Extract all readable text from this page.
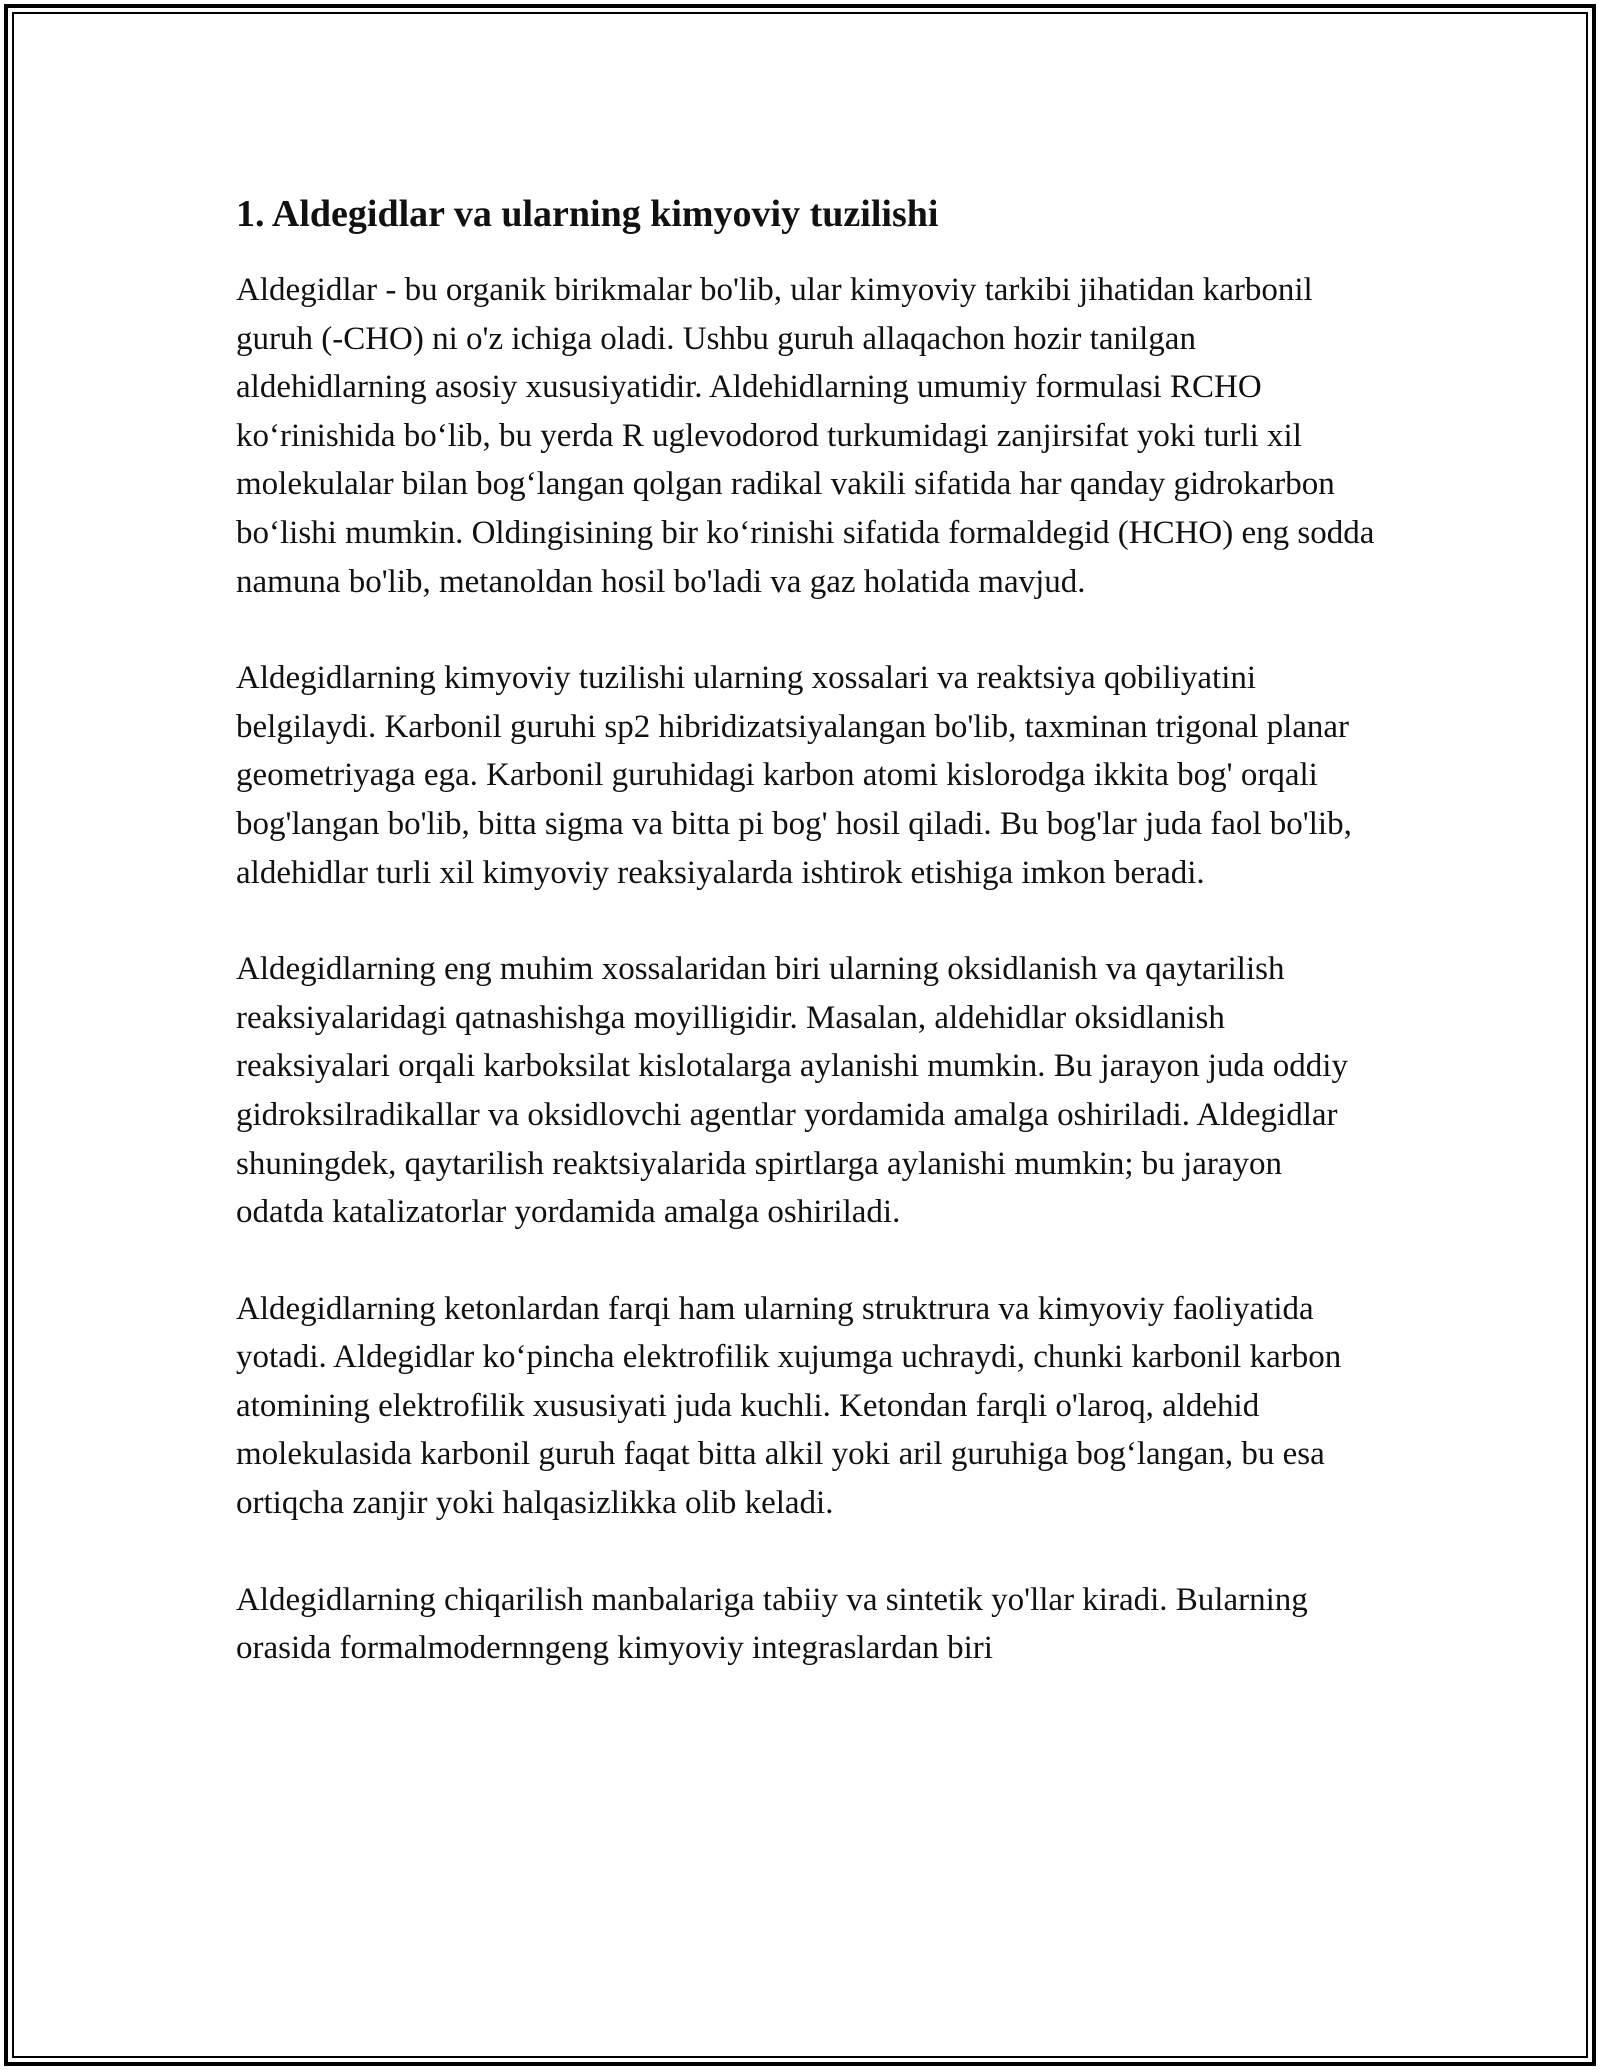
1. Aldegidlar va ularning kimyoviy tuzilishi

Aldegidlar - bu organik birikmalar bo'lib, ular kimyoviy tarkibi jihatidan karbonil guruh (-CHO) ni o'z ichiga oladi. Ushbu guruh allaqachon hozir tanilgan aldehidlarning asosiy xususiyatidir. Aldehidlarning umumiy formulasi RCHO koʻrinishida boʻlib, bu yerda R uglevodorod turkumidagi zanjirsifat yoki turli xil molekulalar bilan bogʻlangan qolgan radikal vakili sifatida har qanday gidrokarbon boʻlishi mumkin. Oldingisining bir koʻrinishi sifatida formaldegid (HCHO) eng sodda namuna bo'lib, metanoldan hosil bo'ladi va gaz holatida mavjud.

Aldegidlarning kimyoviy tuzilishi ularning xossalari va reaktsiya qobiliyatini belgilaydi. Karbonil guruhi sp2 hibridizatsiyalangan bo'lib, taxminan trigonal planar geometriyaga ega. Karbonil guruhidagi karbon atomi kislorodga ikkita bog' orqali bog'langan bo'lib, bitta sigma va bitta pi bog' hosil qiladi. Bu bog'lar juda faol bo'lib, aldehidlar turli xil kimyoviy reaksiyalarda ishtirok etishiga imkon beradi.

Aldegidlarning eng muhim xossalaridan biri ularning oksidlanish va qaytarilish reaksiyalaridagi qatnashishga moyilligidir. Masalan, aldehidlar oksidlanish reaksiyalari orqali karboksilat kislotalarga aylanishi mumkin. Bu jarayon juda oddiy gidroksilradikallar va oksidlovchi agentlar yordamida amalga oshiriladi. Aldegidlar shuningdek, qaytarilish reaktsiyalarida spirtlarga aylanishi mumkin; bu jarayon odatda katalizatorlar yordamida amalga oshiriladi.

Aldegidlarning ketonlardan farqi ham ularning struktrura va kimyoviy faoliyatida yotadi. Aldegidlar koʻpincha elektrofilik xujumga uchraydi, chunki karbonil karbon atomining elektrofilik xususiyati juda kuchli. Ketondan farqli o'laroq, aldehid molekulasida karbonil guruh faqat bitta alkil yoki aril guruhiga bogʻlangan, bu esa ortiqcha zanjir yoki halqasizlikka olib keladi.

Aldegidlarning chiqarilish manbalariga tabiiy va sintetik yo'llar kiradi. Bularning orasida formalmodernngeng kimyoviy integraslardan biri
